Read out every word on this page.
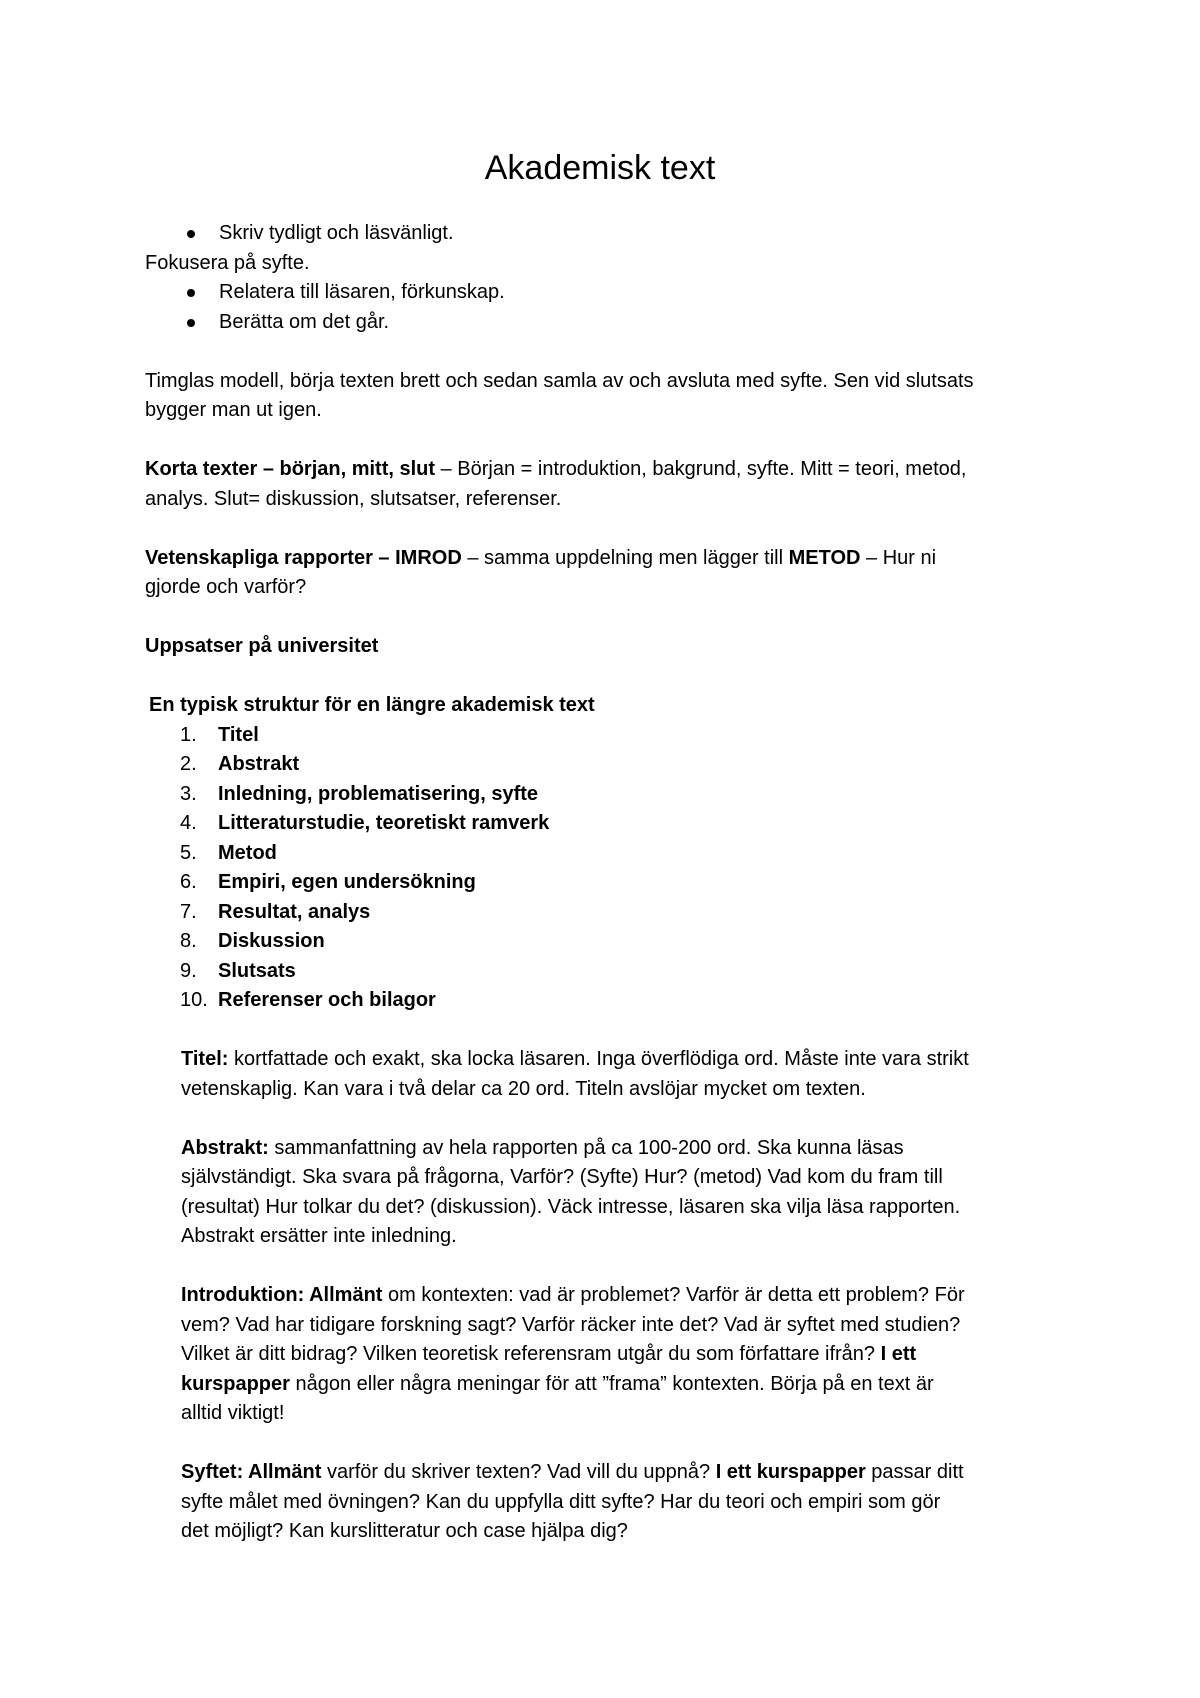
Akademisk text
Skriv tydligt och läsvänligt.
Fokusera på syfte.
Relatera till läsaren, förkunskap.
Berätta om det går.
Timglas modell, börja texten brett och sedan samla av och avsluta med syfte. Sen vid slutsats
bygger man ut igen.
Korta texter – början, mitt, slut – Början = introduktion, bakgrund, syfte. Mitt = teori, metod,
analys. Slut= diskussion, slutsatser, referenser.
Vetenskapliga rapporter – IMROD – samma uppdelning men lägger till METOD – Hur ni
gjorde och varför?
Uppsatser på universitet
En typisk struktur för en längre akademisk text
1. Titel
2. Abstrakt
3. Inledning, problematisering, syfte
4. Litteraturstudie, teoretiskt ramverk
5. Metod
6. Empiri, egen undersökning
7. Resultat, analys
8. Diskussion
9. Slutsats
10. Referenser och bilagor
Titel: kortfattade och exakt, ska locka läsaren. Inga överflödiga ord. Måste inte vara strikt
vetenskaplig. Kan vara i två delar ca 20 ord. Titeln avslöjar mycket om texten.
Abstrakt: sammanfattning av hela rapporten på ca 100-200 ord. Ska kunna läsas
självständigt. Ska svara på frågorna, Varför? (Syfte) Hur? (metod) Vad kom du fram till
(resultat) Hur tolkar du det? (diskussion). Väck intresse, läsaren ska vilja läsa rapporten.
Abstrakt ersätter inte inledning.
Introduktion: Allmänt om kontexten: vad är problemet? Varför är detta ett problem? För
vem? Vad har tidigare forskning sagt? Varför räcker inte det? Vad är syftet med studien?
Vilket är ditt bidrag? Vilken teoretisk referensram utgår du som författare ifrån? I ett
kurspapper någon eller några meningar för att ”frama” kontexten. Börja på en text är
alltid viktigt!
Syftet: Allmänt varför du skriver texten? Vad vill du uppnå? I ett kurspapper passar ditt
syfte målet med övningen? Kan du uppfylla ditt syfte? Har du teori och empiri som gör
det möjligt? Kan kurslitteratur och case hjälpa dig?
